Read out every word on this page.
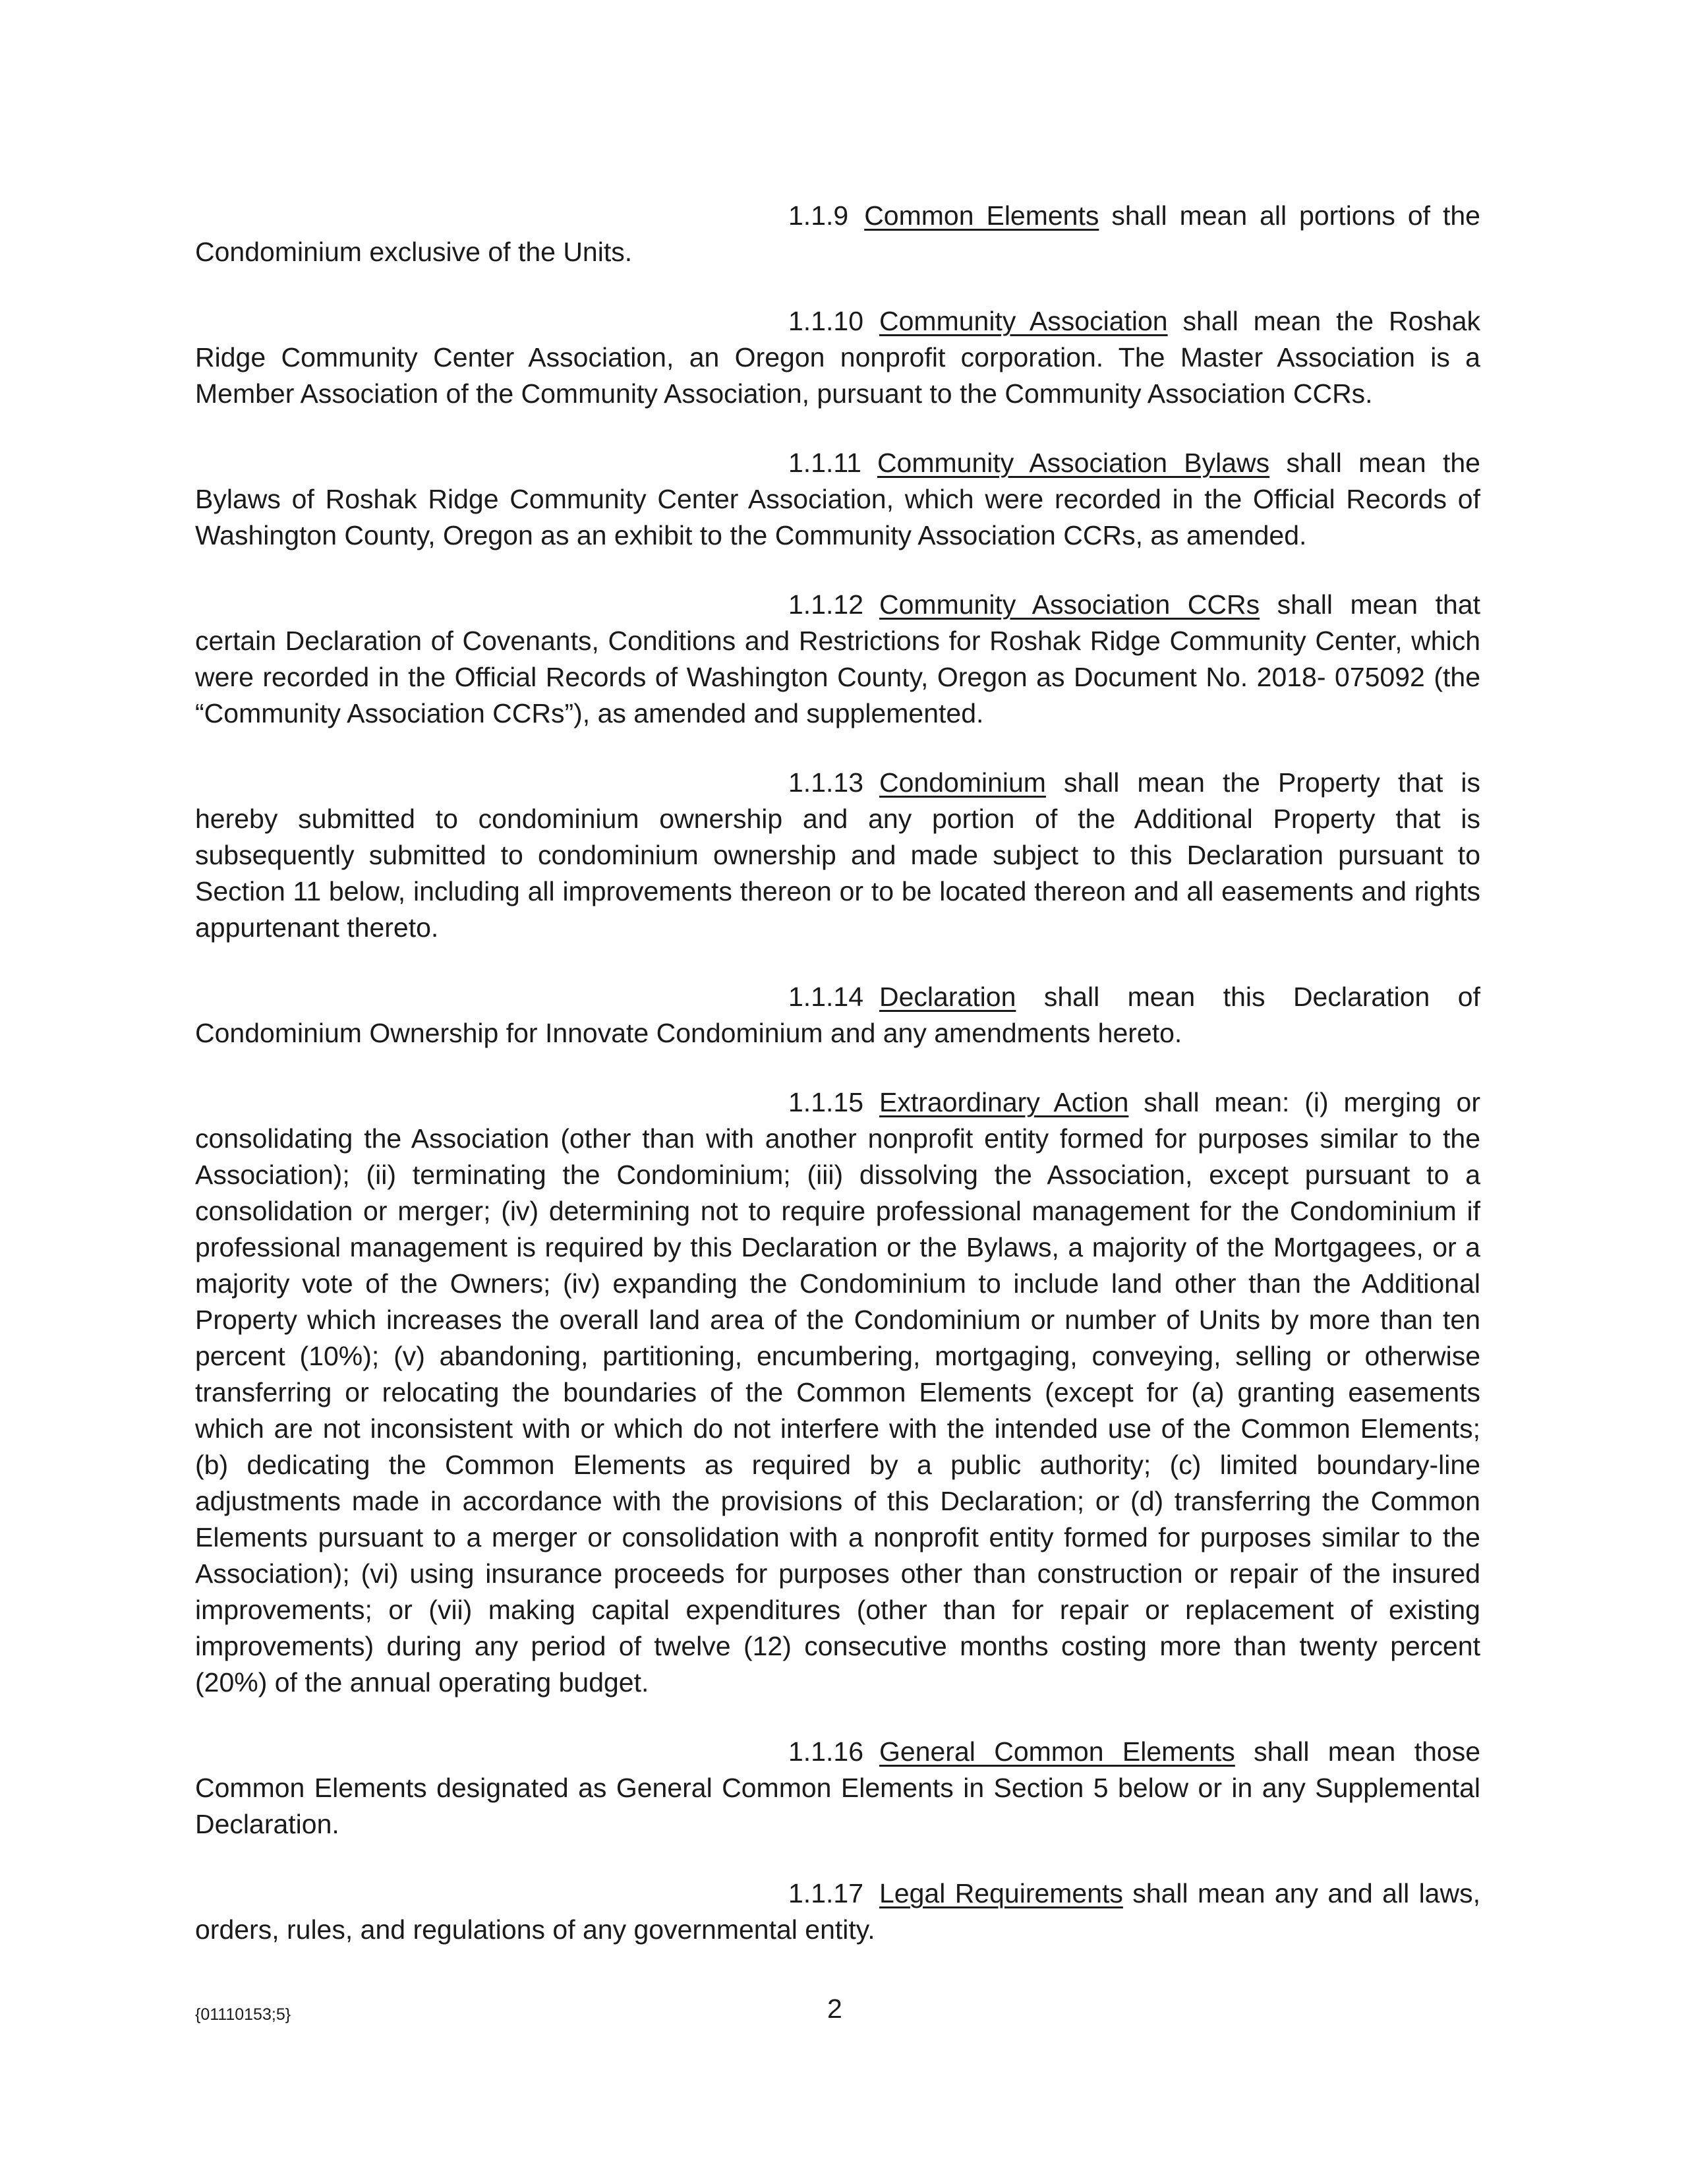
1.1.9 Common Elements shall mean all portions of the Condominium exclusive of the Units.

1.1.10 Community Association shall mean the Roshak Ridge Community Center Association, an Oregon nonprofit corporation. The Master Association is a Member Association of the Community Association, pursuant to the Community Association CCRs.

1.1.11 Community Association Bylaws shall mean the Bylaws of Roshak Ridge Community Center Association, which were recorded in the Official Records of Washington County, Oregon as an exhibit to the Community Association CCRs, as amended.

1.1.12 Community Association CCRs shall mean that certain Declaration of Covenants, Conditions and Restrictions for Roshak Ridge Community Center, which were recorded in the Official Records of Washington County, Oregon as Document No. 2018- 075092 (the “Community Association CCRs”), as amended and supplemented.

1.1.13 Condominium shall mean the Property that is hereby submitted to condominium ownership and any portion of the Additional Property that is subsequently submitted to condominium ownership and made subject to this Declaration pursuant to Section 11 below, including all improvements thereon or to be located thereon and all easements and rights appurtenant thereto.

1.1.14 Declaration shall mean this Declaration of Condominium Ownership for Innovate Condominium and any amendments hereto.

1.1.15 Extraordinary Action shall mean: (i) merging or consolidating the Association (other than with another nonprofit entity formed for purposes similar to the Association); (ii) terminating the Condominium; (iii) dissolving the Association, except pursuant to a consolidation or merger; (iv) determining not to require professional management for the Condominium if professional management is required by this Declaration or the Bylaws, a majority of the Mortgagees, or a majority vote of the Owners; (iv) expanding the Condominium to include land other than the Additional Property which increases the overall land area of the Condominium or number of Units by more than ten percent (10%); (v) abandoning, partitioning, encumbering, mortgaging, conveying, selling or otherwise transferring or relocating the boundaries of the Common Elements (except for (a) granting easements which are not inconsistent with or which do not interfere with the intended use of the Common Elements; (b) dedicating the Common Elements as required by a public authority; (c) limited boundary-line adjustments made in accordance with the provisions of this Declaration; or (d) transferring the Common Elements pursuant to a merger or consolidation with a nonprofit entity formed for purposes similar to the Association); (vi) using insurance proceeds for purposes other than construction or repair of the insured improvements; or (vii) making capital expenditures (other than for repair or replacement of existing improvements) during any period of twelve (12) consecutive months costing more than twenty percent (20%) of the annual operating budget.

1.1.16 General Common Elements shall mean those Common Elements designated as General Common Elements in Section 5 below or in any Supplemental Declaration.

1.1.17 Legal Requirements shall mean any and all laws, orders, rules, and regulations of any governmental entity.

{01110153;5}	2
